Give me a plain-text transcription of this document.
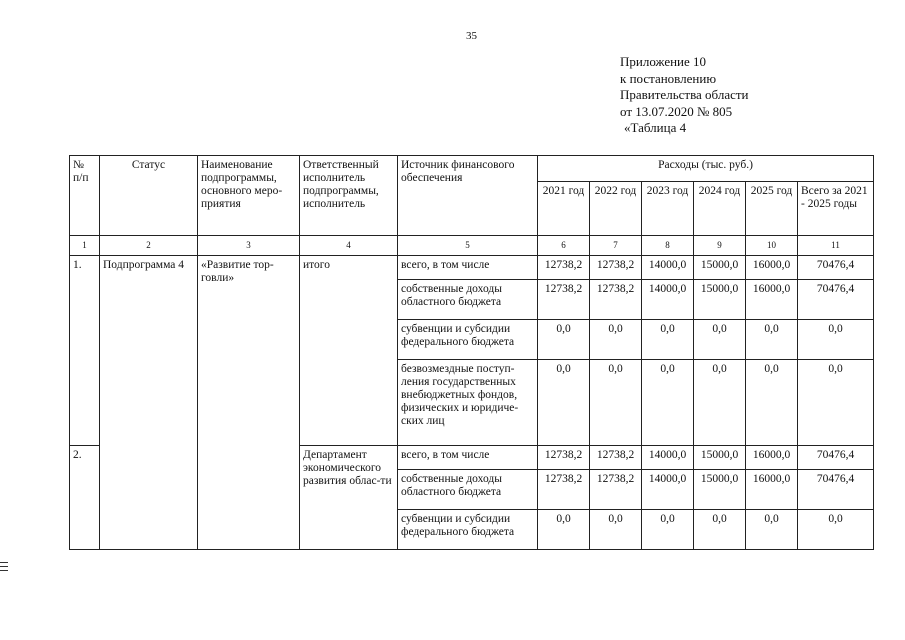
35
Приложение 10
к постановлению
Правительства области
от 13.07.2020 № 805
«Таблица 4
№ п/п	Статус	Наименование подпрограммы, основного меро-приятия	Ответственный исполнитель подпрограммы, исполнитель	Источник финансового обеспечения	Расходы (тыс. руб.)					
					2021 год	2022 год	2023 год	2024 год	2025 год	Всего за 2021 - 2025 годы
1	2	3	4	5	6	7	8	9	10	11
1.	Подпрограмма 4	«Развитие тор-говли»	итого	всего, в том числе	12738,2	12738,2	14000,0	15000,0	16000,0	70476,4
				собственные доходы областного бюджета	12738,2	12738,2	14000,0	15000,0	16000,0	70476,4
				субвенции и субсидии федерального бюджета	0,0	0,0	0,0	0,0	0,0	0,0
				безвозмездные поступ-ления государственных внебюджетных фондов, физических и юридиче-ских лиц	0,0	0,0	0,0	0,0	0,0	0,0
2.			Департамент экономического развития облас-ти	всего, в том числе	12738,2	12738,2	14000,0	15000,0	16000,0	70476,4
				собственные доходы областного бюджета	12738,2	12738,2	14000,0	15000,0	16000,0	70476,4
				субвенции и субсидии федерального бюджета	0,0	0,0	0,0	0,0	0,0	0,0
